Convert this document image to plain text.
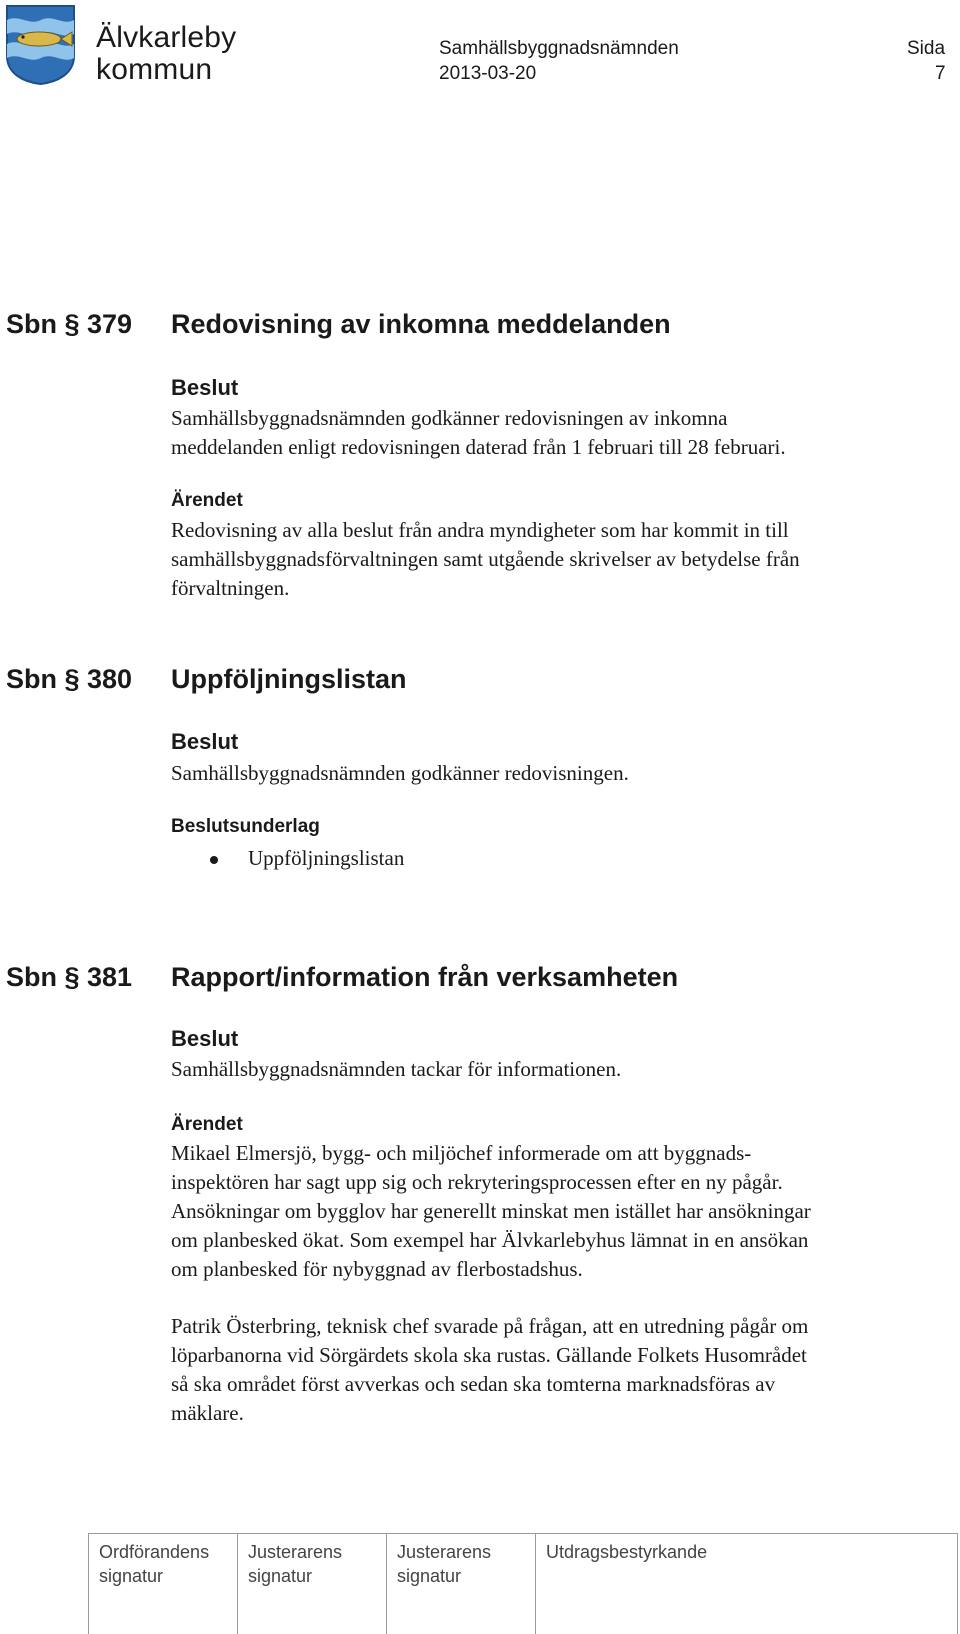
Älvkarleby
kommun
Samhällsbyggnadsnämnden	Sida
2013-03-20	7
Sbn § 379 Redovisning av inkomna meddelanden
Beslut
Samhällsbyggnadsnämnden godkänner redovisningen av inkomna
meddelanden enligt redovisningen daterad från 1 februari till 28 februari.
Ärendet
Redovisning av alla beslut från andra myndigheter som har kommit in till
samhällsbyggnadsförvaltningen samt utgående skrivelser av betydelse från
förvaltningen.
Sbn § 380 Uppföljningslistan
Beslut
Samhällsbyggnadsnämnden godkänner redovisningen.
Beslutsunderlag
Uppföljningslistan
Sbn § 381 Rapport/information från verksamheten
Beslut
Samhällsbyggnadsnämnden tackar för informationen.
Ärendet
Mikael Elmersjö, bygg- och miljöchef informerade om att byggnads-
inspektören har sagt upp sig och rekryteringsprocessen efter en ny pågår.
Ansökningar om bygglov har generellt minskat men istället har ansökningar
om planbesked ökat. Som exempel har Älvkarlebyhus lämnat in en ansökan
om planbesked för nybyggnad av flerbostadshus.
Patrik Österbring, teknisk chef svarade på frågan, att en utredning pågår om
löparbanorna vid Sörgärdets skola ska rustas. Gällande Folkets Husområdet
så ska området först avverkas och sedan ska tomterna marknadsföras av
mäklare.
Ordförandens
signatur
Justerarens
signatur
Justerarens
signatur
Utdragsbestyrkande
